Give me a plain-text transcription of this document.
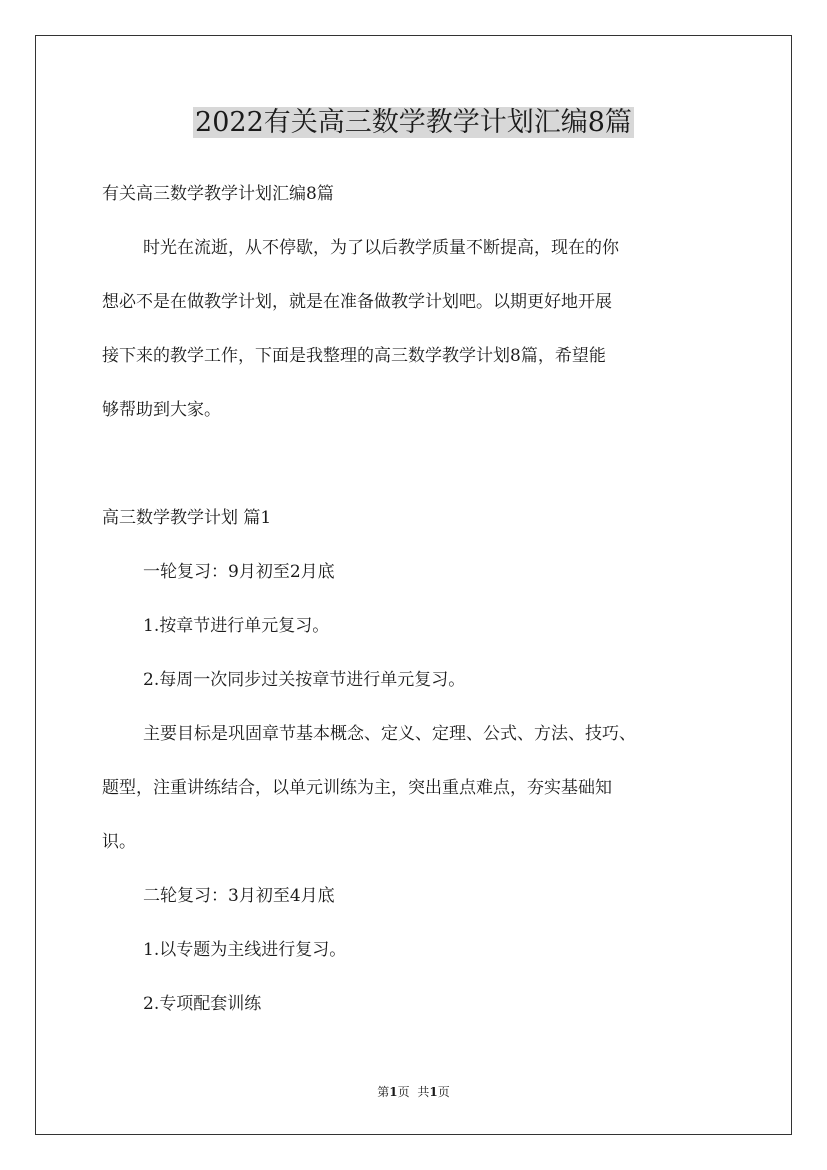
2022有关高三数学教学计划汇编8篇
有关高三数学教学计划汇编8篇
时光在流逝，从不停歇，为了以后教学质量不断提高，现在的你
想必不是在做教学计划，就是在准备做教学计划吧。以期更好地开展
接下来的教学工作，下面是我整理的高三数学教学计划8篇，希望能
够帮助到大家。
高三数学教学计划 篇1
一轮复习：9月初至2月底
1.按章节进行单元复习。
2.每周一次同步过关按章节进行单元复习。
主要目标是巩固章节基本概念、定义、定理、公式、方法、技巧、
题型，注重讲练结合，以单元训练为主，突出重点难点，夯实基础知
识。
二轮复习：3月初至4月底
1.以专题为主线进行复习。
2.专项配套训练
第1页 共1页
